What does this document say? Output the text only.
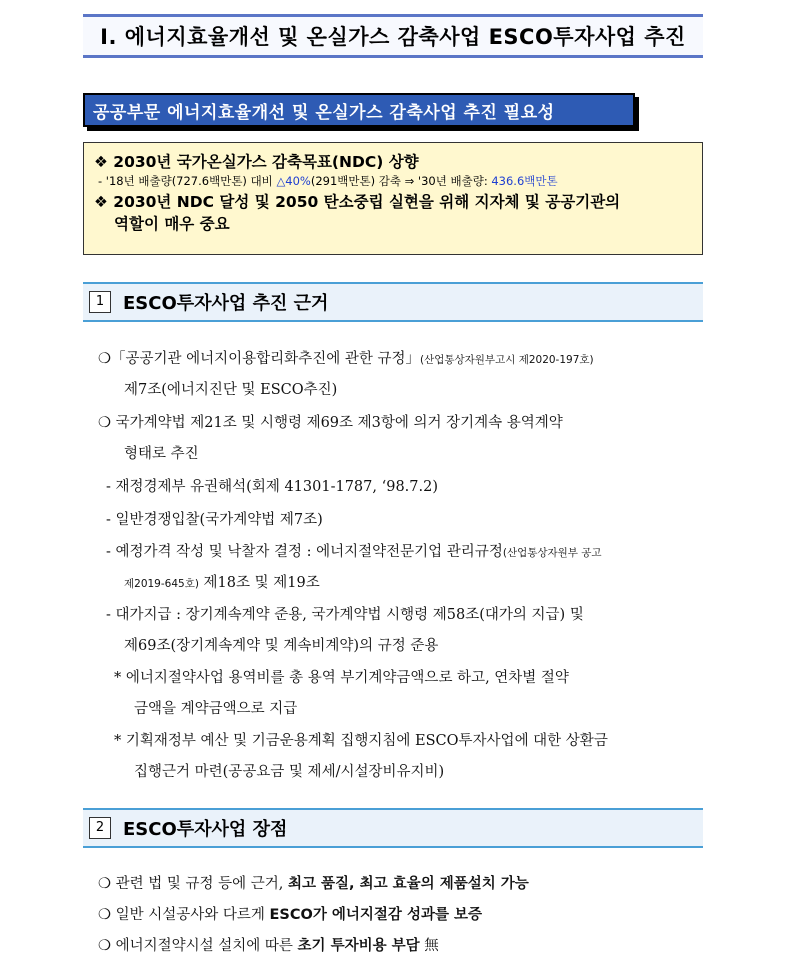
Ⅰ. 에너지효율개선 및 온실가스 감축사업 ESCO투자사업 추진
공공부문 에너지효율개선 및 온실가스 감축사업 추진 필요성
❖ 2030년 국가온실가스 감축목표(NDC) 상향
- '18년 배출량(727.6백만톤) 대비 △40%(291백만톤) 감축 ⇒ '30년 배출량: 436.6백만톤
❖ 2030년 NDC 달성 및 2050 탄소중립 실현을 위해 지자체 및 공공기관의
역할이 매우 중요
1	ESCO투자사업 추진 근거
❍「공공기관 에너지이용합리화추진에 관한 규정」(산업통상자원부고시 제2020-197호)
제7조(에너지진단 및 ESCO추진)
❍ 국가계약법 제21조 및 시행령 제69조 제3항에 의거 장기계속 용역계약
형태로 추진
- 재정경제부 유권해석(회제 41301-1787, ‘98.7.2)
- 일반경쟁입찰(국가계약법 제7조)
- 예정가격 작성 및 낙찰자 결정 : 에너지절약전문기업 관리규정(산업통상자원부 공고
제2019-645호) 제18조 및 제19조
- 대가지급 : 장기계속계약 준용, 국가계약법 시행령 제58조(대가의 지급) 및
제69조(장기계속계약 및 계속비계약)의 규정 준용
* 에너지절약사업 용역비를 총 용역 부기계약금액으로 하고, 연차별 절약
금액을 계약금액으로 지급
* 기획재정부 예산 및 기금운용계획 집행지침에 ESCO투자사업에 대한 상환금
집행근거 마련(공공요금 및 제세/시설장비유지비)
2	ESCO투자사업 장점
❍ 관련 법 및 규정 등에 근거, 최고 품질, 최고 효율의 제품설치 가능
❍ 일반 시설공사와 다르게 ESCO가 에너지절감 성과를 보증
❍ 에너지절약시설 설치에 따른 초기 투자비용 부담 無
